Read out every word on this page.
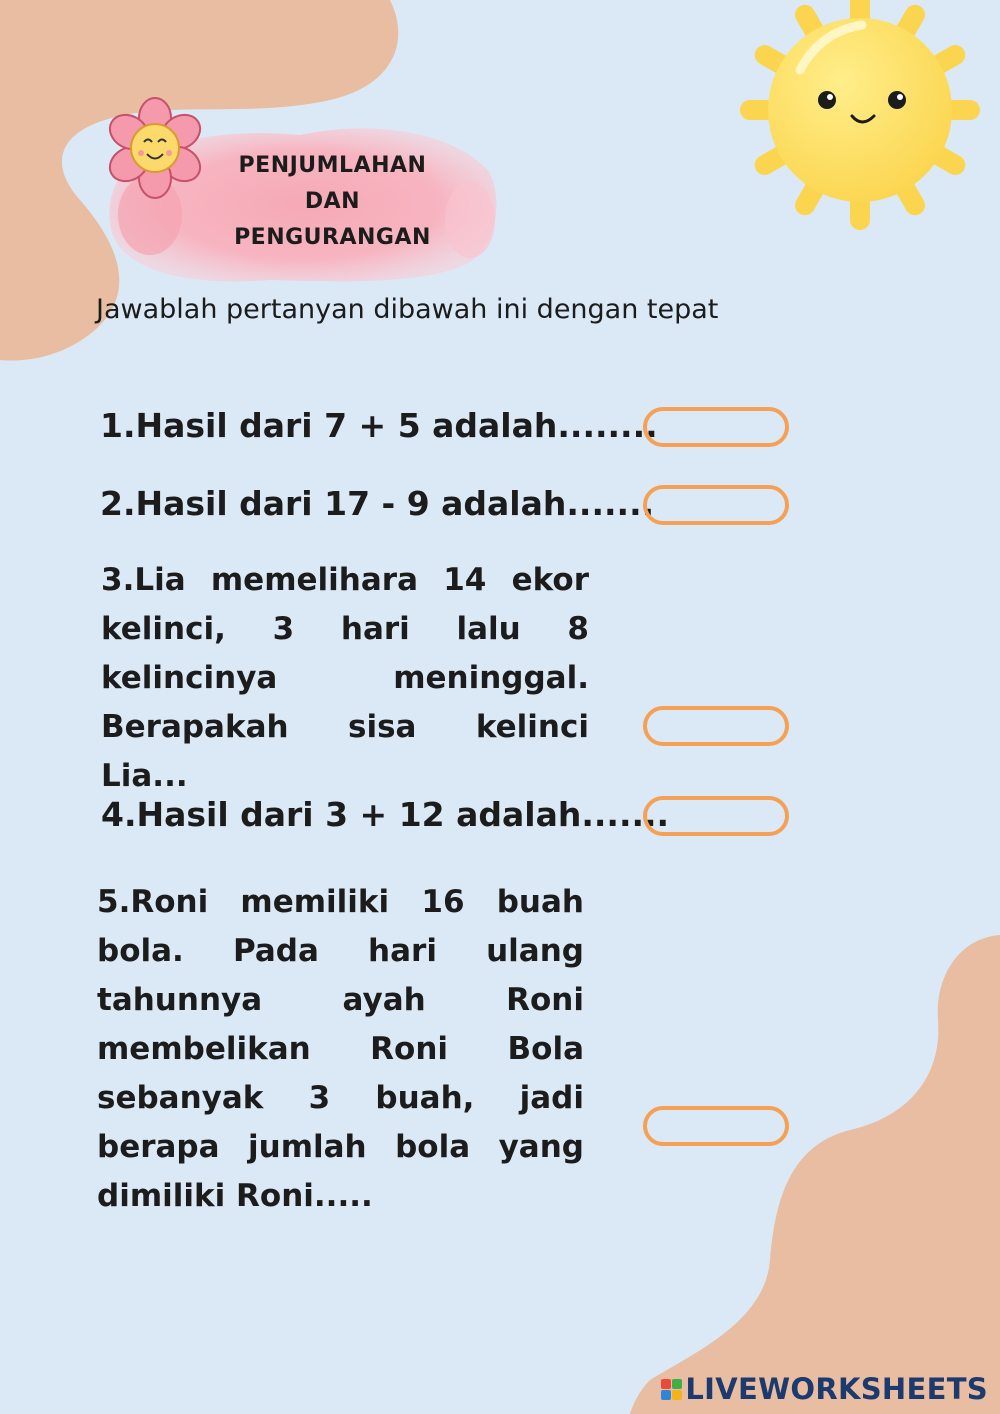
PENJUMLAHAN
DAN
PENGURANGAN
Jawablah pertanyan dibawah ini dengan tepat
1.Hasil dari 7 + 5 adalah........
2.Hasil dari 17 - 9 adalah.......
3.Lia memelihara 14 ekor kelinci, 3 hari lalu 8 kelincinya meninggal. Berapakah sisa kelinci Lia...
4.Hasil dari 3 + 12 adalah.......
5.Roni memiliki 16 buah bola. Pada hari ulang tahunnya ayah Roni membelikan Roni Bola sebanyak 3 buah, jadi berapa jumlah bola yang dimiliki Roni.....
LIVEWORKSHEETS
